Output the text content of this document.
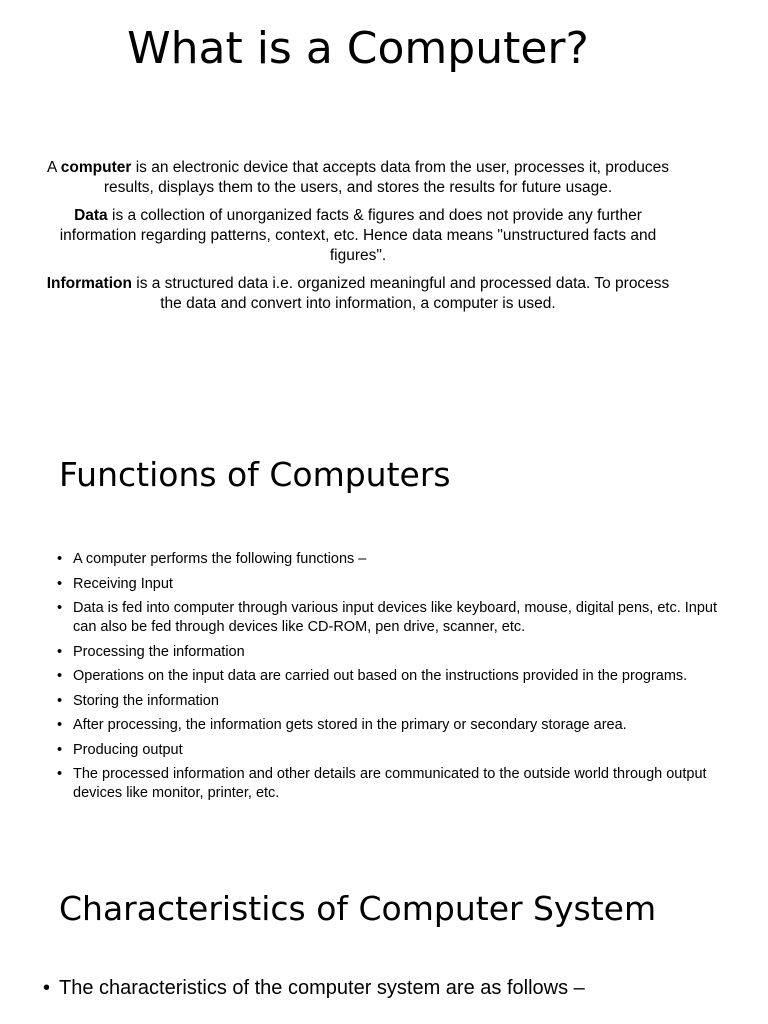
What is a Computer?

A computer is an electronic device that accepts data from the user, processes it, produces results, displays them to the users, and stores the results for future usage.

Data is a collection of unorganized facts & figures and does not provide any further information regarding patterns, context, etc. Hence data means "unstructured facts and figures".

Information is a structured data i.e. organized meaningful and processed data. To process the data and convert into information, a computer is used.

Functions of Computers
• A computer performs the following functions –
• Receiving Input
• Data is fed into computer through various input devices like keyboard, mouse, digital pens, etc. Input can also be fed through devices like CD-ROM, pen drive, scanner, etc.
• Processing the information
• Operations on the input data are carried out based on the instructions provided in the programs.
• Storing the information
• After processing, the information gets stored in the primary or secondary storage area.
• Producing output
• The processed information and other details are communicated to the outside world through output devices like monitor, printer, etc.
Characteristics of Computer System
• The characteristics of the computer system are as follows –
